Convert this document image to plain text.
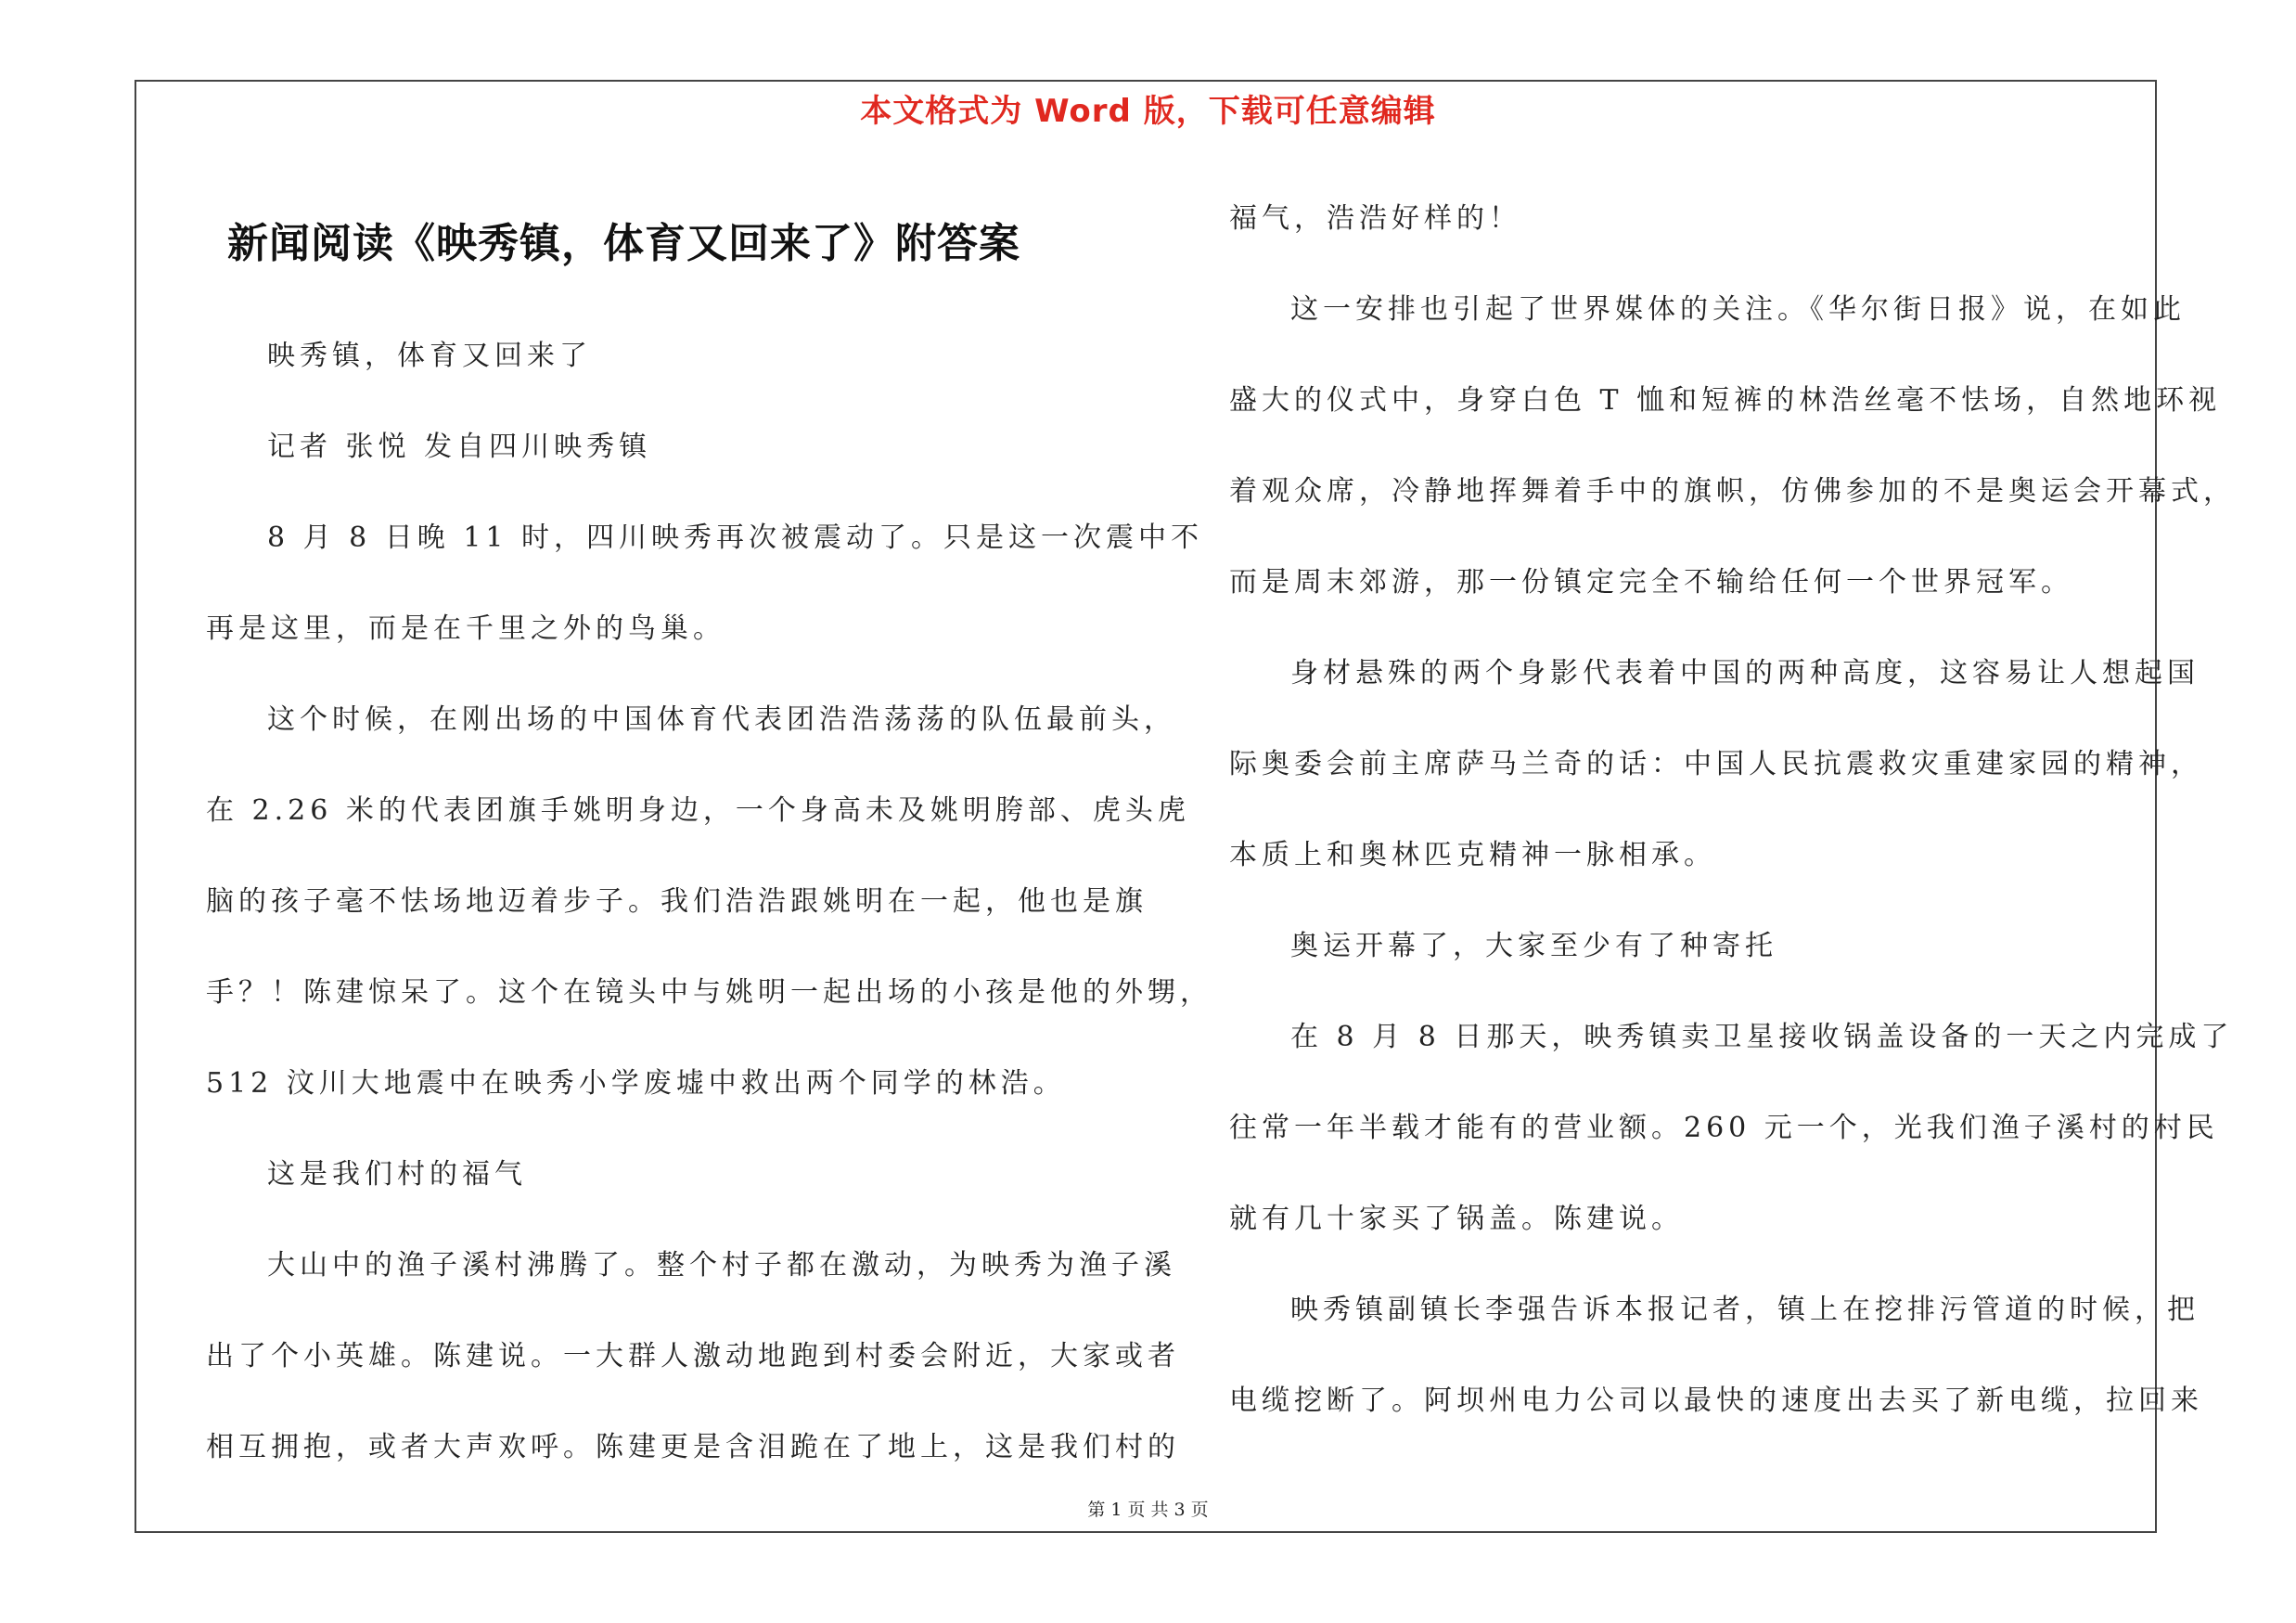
本文格式为 Word 版，下载可任意编辑
新闻阅读《映秀镇，体育又回来了》附答案
映秀镇，体育又回来了
记者 张悦 发自四川映秀镇
8 月 8 日晚 11 时，四川映秀再次被震动了。只是这一次震中不
再是这里，而是在千里之外的鸟巢。
这个时候，在刚出场的中国体育代表团浩浩荡荡的队伍最前头，
在 2.26 米的代表团旗手姚明身边，一个身高未及姚明胯部、虎头虎
脑的孩子毫不怯场地迈着步子。我们浩浩跟姚明在一起，他也是旗
手？！陈建惊呆了。这个在镜头中与姚明一起出场的小孩是他的外甥，
512 汶川大地震中在映秀小学废墟中救出两个同学的林浩。
这是我们村的福气
大山中的渔子溪村沸腾了。整个村子都在激动，为映秀为渔子溪
出了个小英雄。陈建说。一大群人激动地跑到村委会附近，大家或者
相互拥抱，或者大声欢呼。陈建更是含泪跪在了地上，这是我们村的
福气，浩浩好样的！
这一安排也引起了世界媒体的关注。《华尔街日报》说，在如此
盛大的仪式中，身穿白色 T 恤和短裤的林浩丝毫不怯场，自然地环视
着观众席，冷静地挥舞着手中的旗帜，仿佛参加的不是奥运会开幕式，
而是周末郊游，那一份镇定完全不输给任何一个世界冠军。
身材悬殊的两个身影代表着中国的两种高度，这容易让人想起国
际奥委会前主席萨马兰奇的话：中国人民抗震救灾重建家园的精神，
本质上和奥林匹克精神一脉相承。
奥运开幕了，大家至少有了种寄托
在 8 月 8 日那天，映秀镇卖卫星接收锅盖设备的一天之内完成了
往常一年半载才能有的营业额。260 元一个，光我们渔子溪村的村民
就有几十家买了锅盖。陈建说。
映秀镇副镇长李强告诉本报记者，镇上在挖排污管道的时候，把
电缆挖断了。阿坝州电力公司以最快的速度出去买了新电缆，拉回来
第 1 页 共 3 页
